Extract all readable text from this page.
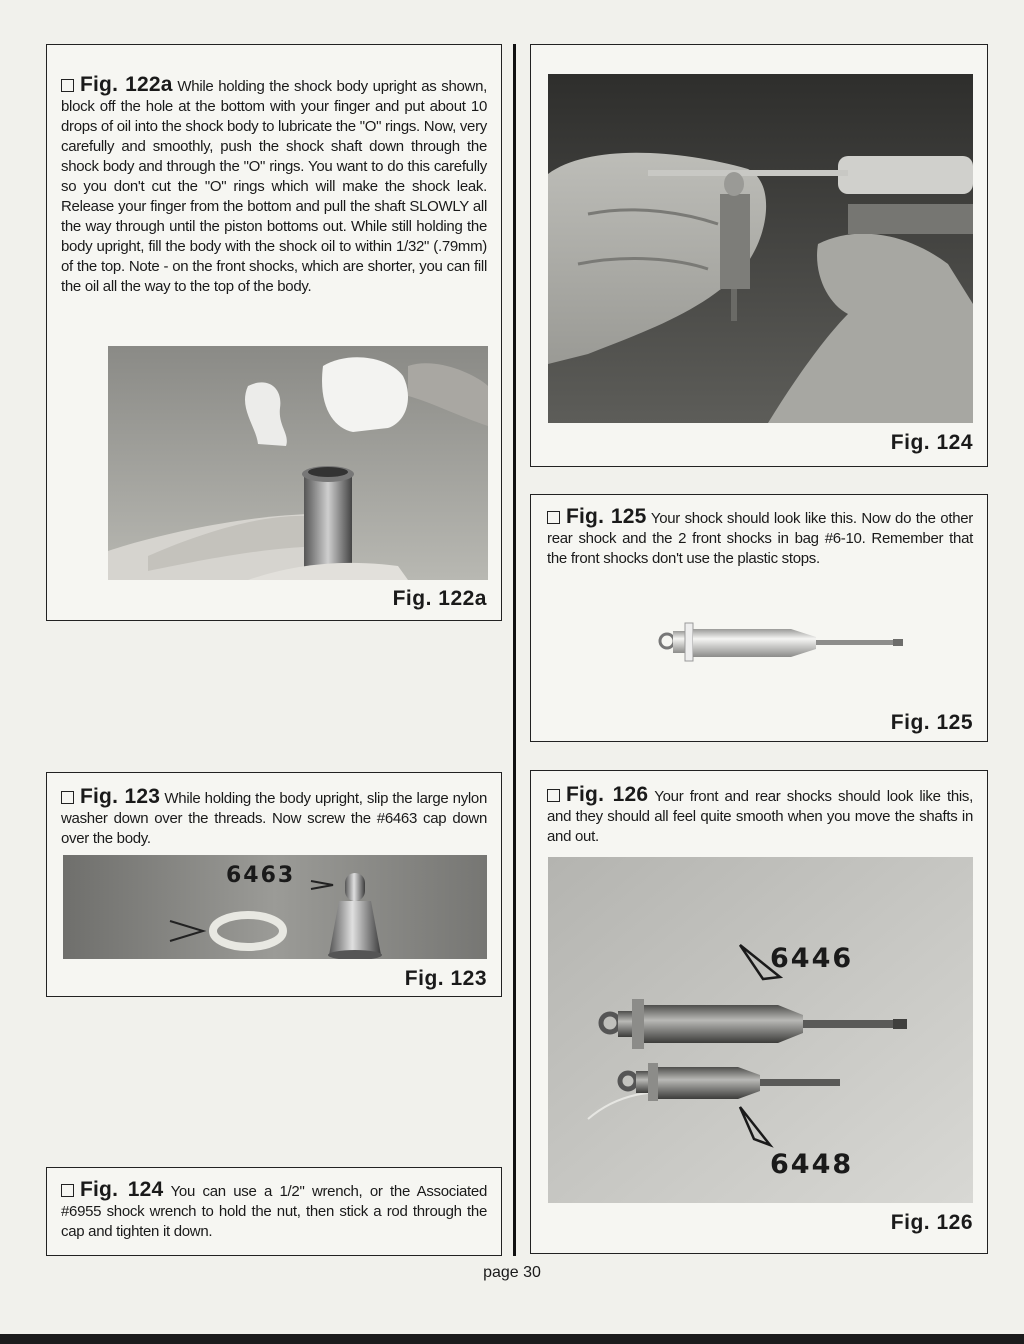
Fig. 122a While holding the shock body upright as shown, block off the hole at the bottom with your finger and put about 10 drops of oil into the shock body to lubricate the "O" rings. Now, very carefully and smoothly, push the shock shaft down through the shock body and through the "O" rings. You want to do this carefully so you don't cut the "O" rings which will make the shock leak. Release your finger from the bottom and pull the shaft SLOWLY all the way through until the piston bottoms out. While still holding the body upright, fill the body with the shock oil to within 1/32" (.79mm) of the top. Note - on the front shocks, which are shorter, you can fill the oil all the way to the top of the body.
Fig. 122a
Fig. 123 While holding the body upright, slip the large nylon washer down over the threads. Now screw the #6463 cap down over the body.
6463
Fig. 123
Fig. 124 You can use a 1/2" wrench, or the Associated #6955 shock wrench to hold the nut, then stick a rod through the cap and tighten it down.
Fig. 124
Fig. 125 Your shock should look like this. Now do the other rear shock and the 2 front shocks in bag #6-10. Remember that the front shocks don't use the plastic stops.
Fig. 125
Fig. 126 Your front and rear shocks should look like this, and they should all feel quite smooth when you move the shafts in and out.
6446
6448
Fig. 126
page 30
